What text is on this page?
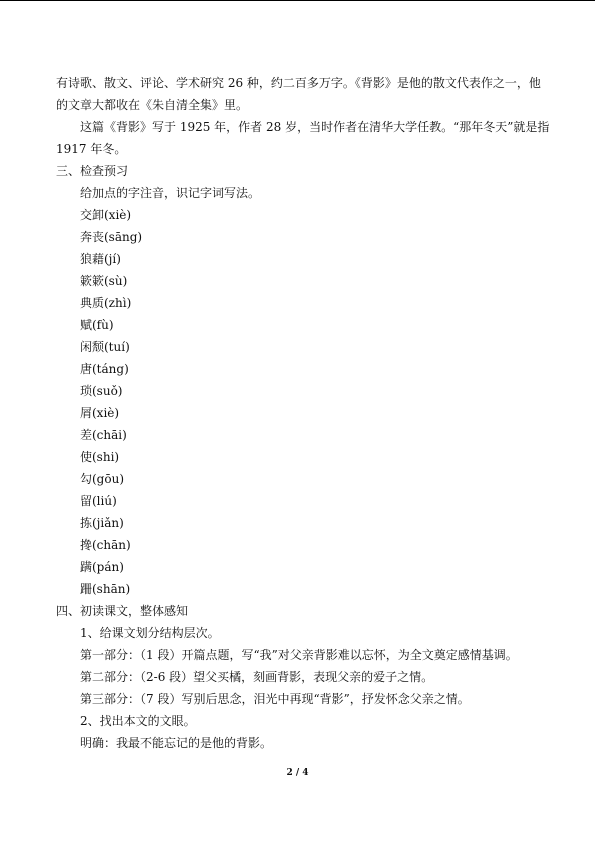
有诗歌、散文、评论、学术研究 26 种，约二百多万字。《背影》是他的散文代表作之一，他
的文章大都收在《朱自清全集》里。
这篇《背影》写于 1925 年，作者 28 岁，当时作者在清华大学任教。“那年冬天”就是指
1917 年冬。
三、检查预习
给加点的字注音，识记字词写法。
交卸(xiè)
奔丧(sāng)
狼藉(jí)
簌簌(sù)
典质(zhì)
赋(fù)
闲颓(tuí)
唐(táng)
琐(suǒ)
屑(xiè)
差(chāi)
使(shi)
勾(gōu)
留(liú)
拣(jiǎn)
搀(chān)
蹒(pán)
跚(shān)
四、初读课文，整体感知
1、给课文划分结构层次。
第一部分：（1 段）开篇点题，写“我”对父亲背影难以忘怀，为全文奠定感情基调。
第二部分：（2-6 段）望父买橘，刻画背影，表现父亲的爱子之情。
第三部分：（7 段）写别后思念，泪光中再现“背影”，抒发怀念父亲之情。
2、找出本文的文眼。
明确：我最不能忘记的是他的背影。
2 / 4
